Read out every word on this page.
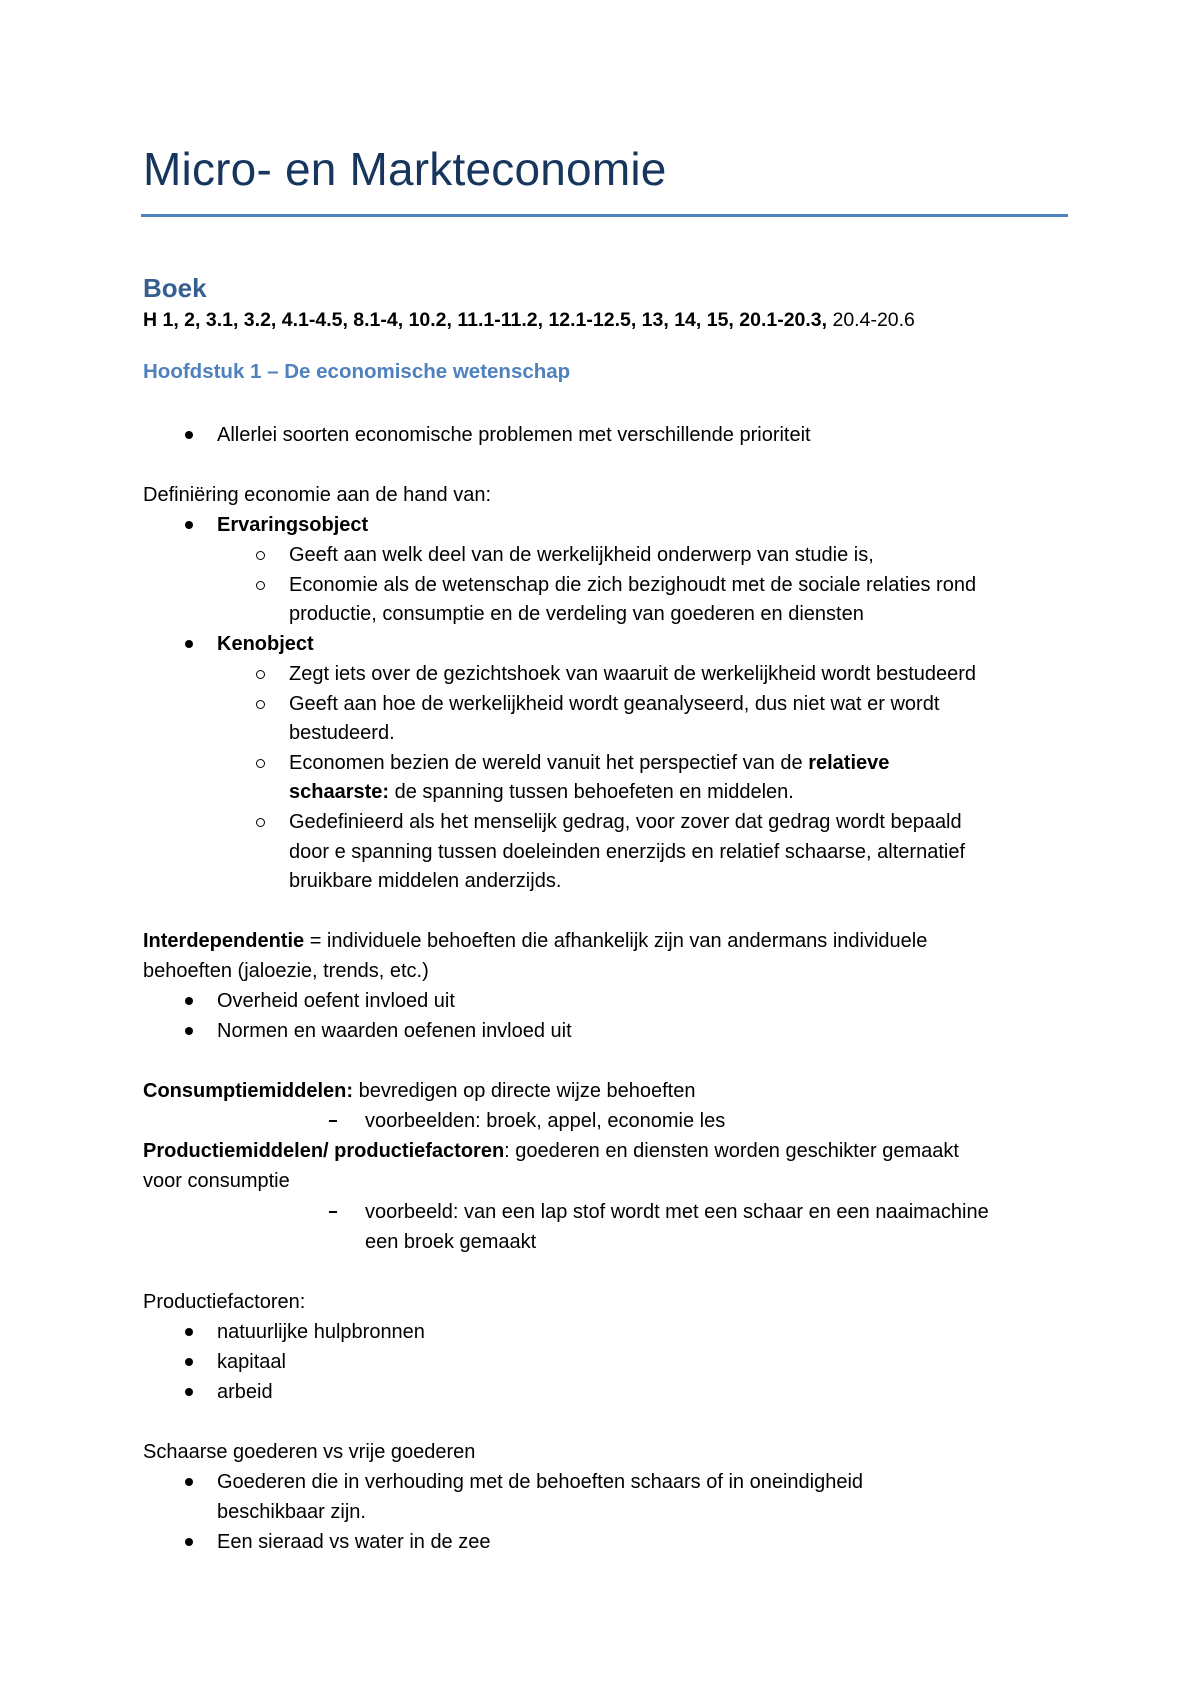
Micro- en Markteconomie
Boek
H 1, 2, 3.1, 3.2, 4.1-4.5, 8.1-4, 10.2, 11.1-11.2, 12.1-12.5, 13, 14, 15, 20.1-20.3, 20.4-20.6
Hoofdstuk 1 – De economische wetenschap
Allerlei soorten economische problemen met verschillende prioriteit
Definiëring economie aan de hand van:
Ervaringsobject
Geeft aan welk deel van de werkelijkheid onderwerp van studie is,
Economie als de wetenschap die zich bezighoudt met de sociale relaties rond
productie, consumptie en de verdeling van goederen en diensten
Kenobject
Zegt iets over de gezichtshoek van waaruit de werkelijkheid wordt bestudeerd
Geeft aan hoe de werkelijkheid wordt geanalyseerd, dus niet wat er wordt
bestudeerd.
Economen bezien de wereld vanuit het perspectief van de relatieve
schaarste: de spanning tussen behoefeten en middelen.
Gedefinieerd als het menselijk gedrag, voor zover dat gedrag wordt bepaald
door e spanning tussen doeleinden enerzijds en relatief schaarse, alternatief
bruikbare middelen anderzijds.
Interdependentie = individuele behoeften die afhankelijk zijn van andermans individuele
behoeften (jaloezie, trends, etc.)
Overheid oefent invloed uit
Normen en waarden oefenen invloed uit
Consumptiemiddelen: bevredigen op directe wijze behoeften
voorbeelden: broek, appel, economie les
Productiemiddelen/ productiefactoren: goederen en diensten worden geschikter gemaakt
voor consumptie
voorbeeld: van een lap stof wordt met een schaar en een naaimachine
een broek gemaakt
Productiefactoren:
natuurlijke hulpbronnen
kapitaal
arbeid
Schaarse goederen vs vrije goederen
Goederen die in verhouding met de behoeften schaars of in oneindigheid
beschikbaar zijn.
Een sieraad vs water in de zee
